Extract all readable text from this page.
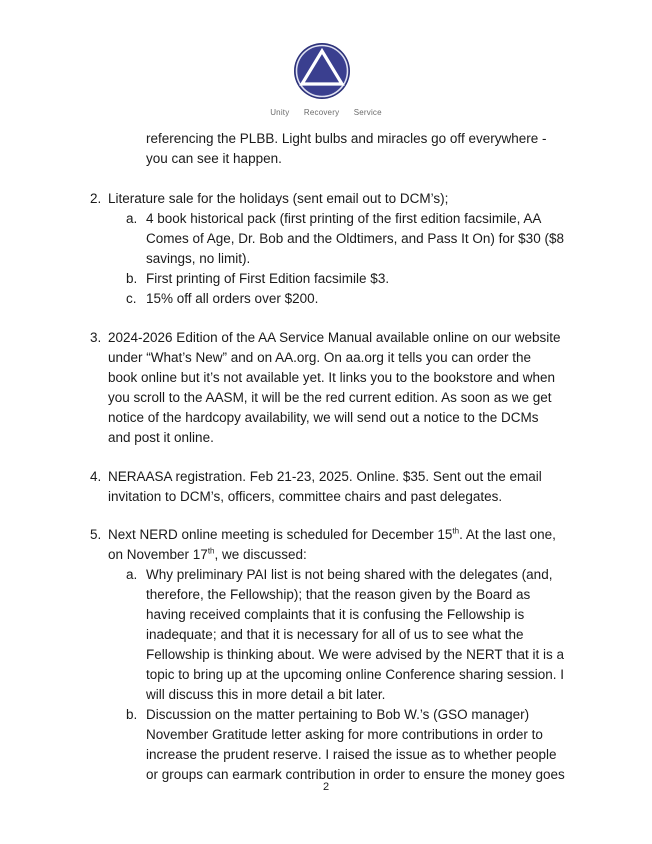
Unity Recovery Service
referencing the PLBB. Light bulbs and miracles go off everywhere -
you can see it happen.
2. Literature sale for the holidays (sent email out to DCM’s);
a. 4 book historical pack (first printing of the first edition facsimile, AA
Comes of Age, Dr. Bob and the Oldtimers, and Pass It On) for $30 ($8
savings, no limit).
b. First printing of First Edition facsimile $3.
c. 15% off all orders over $200.
3. 2024-2026 Edition of the AA Service Manual available online on our website
under “What’s New” and on AA.org. On aa.org it tells you can order the
book online but it’s not available yet. It links you to the bookstore and when
you scroll to the AASM, it will be the red current edition. As soon as we get
notice of the hardcopy availability, we will send out a notice to the DCMs
and post it online.
4. NERAASA registration. Feb 21-23, 2025. Online. $35. Sent out the email
invitation to DCM’s, officers, committee chairs and past delegates.
5. Next NERD online meeting is scheduled for December 15th. At the last one,
on November 17th, we discussed:
a. Why preliminary PAI list is not being shared with the delegates (and,
therefore, the Fellowship); that the reason given by the Board as
having received complaints that it is confusing the Fellowship is
inadequate; and that it is necessary for all of us to see what the
Fellowship is thinking about. We were advised by the NERT that it is a
topic to bring up at the upcoming online Conference sharing session. I
will discuss this in more detail a bit later.
b. Discussion on the matter pertaining to Bob W.’s (GSO manager)
November Gratitude letter asking for more contributions in order to
increase the prudent reserve. I raised the issue as to whether people
or groups can earmark contribution in order to ensure the money goes
2
